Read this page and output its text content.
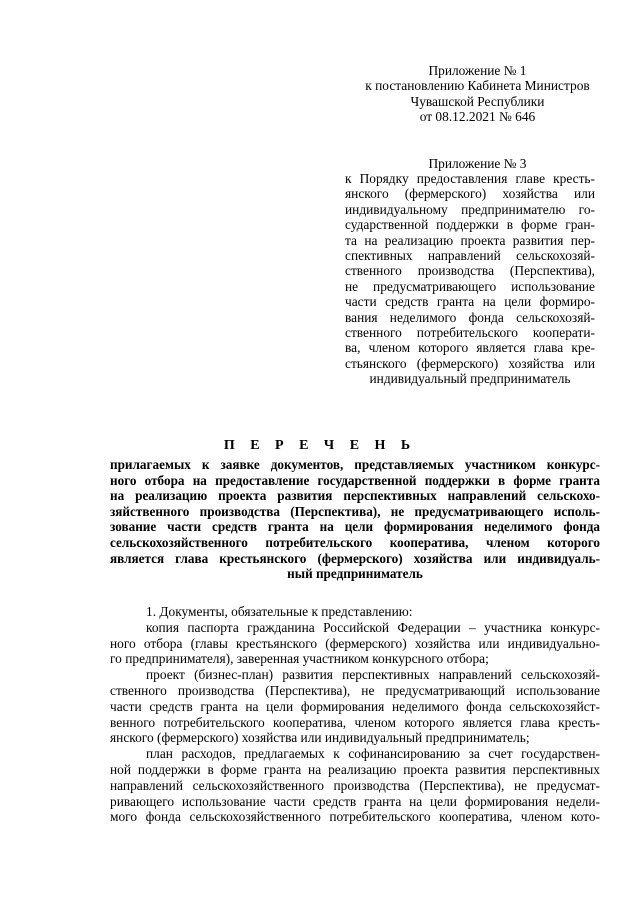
Приложение № 1
к постановлению Кабинета Министров
Чувашской Республики
от 08.12.2021 № 646
Приложение № 3
к Порядку предоставления главе кресть-
янского (фермерского) хозяйства или
индивидуальному предпринимателю го-
сударственной поддержки в форме гран-
та на реализацию проекта развития пер-
спективных направлений сельскохозяй-
ственного производства (Перспектива),
не предусматривающего использование
части средств гранта на цели формиро-
вания неделимого фонда сельскохозяй-
ственного потребительского кооперати-
ва, членом которого является глава кре-
стьянского (фермерского) хозяйства или
индивидуальный предприниматель
П Е Р Е Ч Е Н Ь
прилагаемых к заявке документов, представляемых участником конкурс-
ного отбора на предоставление государственной поддержки в форме гранта
на реализацию проекта развития перспективных направлений сельскохо-
зяйственного производства (Перспектива), не предусматривающего исполь-
зование части средств гранта на цели формирования неделимого фонда
сельскохозяйственного потребительского кооператива, членом которого
является глава крестьянского (фермерского) хозяйства или индивидуаль-
ный предприниматель
1. Документы, обязательные к представлению:
копия паспорта гражданина Российской Федерации – участника конкурс-
ного отбора (главы крестьянского (фермерского) хозяйства или индивидуально-
го предпринимателя), заверенная участником конкурсного отбора;
проект (бизнес-план) развития перспективных направлений сельскохозяй-
ственного производства (Перспектива), не предусматривающий использование
части средств гранта на цели формирования неделимого фонда сельскохозяйст-
венного потребительского кооператива, членом которого является глава кресть-
янского (фермерского) хозяйства или индивидуальный предприниматель;
план расходов, предлагаемых к софинансированию за счет государствен-
ной поддержки в форме гранта на реализацию проекта развития перспективных
направлений сельскохозяйственного производства (Перспектива), не предусмат-
ривающего использование части средств гранта на цели формирования недели-
мого фонда сельскохозяйственного потребительского кооператива, членом кото-
